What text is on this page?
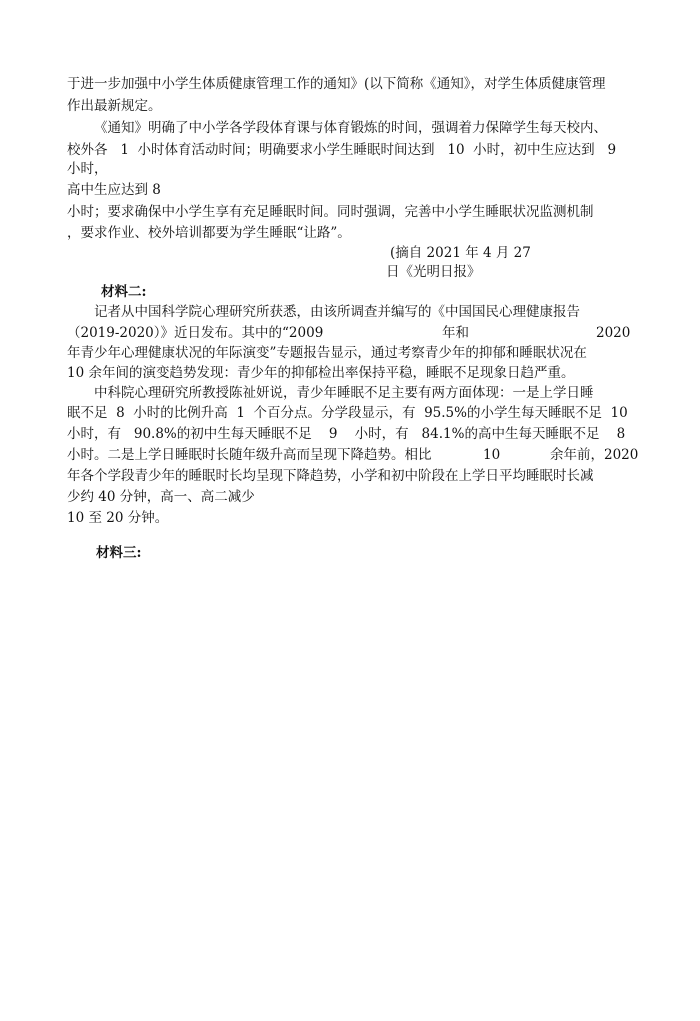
于进一步加强中小学生体质健康管理工作的通知》(以下简称《通知》，对学生体质健康管理
作出最新规定。
《通知》明确了中小学各学段体育课与体育锻炼的时间，强调着力保障学生每天校内、
校外各   1  小时体育活动时间；明确要求小学生睡眠时间达到   10  小时，初中生应达到   9
小时，
高中生应达到 8
小时；要求确保中小学生享有充足睡眠时间。同时强调，完善中小学生睡眠状况监测机制
，要求作业、校外培训都要为学生睡眠“让路”。
(摘自 2021 年 4 月 27
日《光明日报》
材料二:
记者从中国科学院心理研究所获悉，由该所调查并编写的《中国国民心理健康报告
（2019-2020）》近日发布。其中的“2009	年和	2020
年青少年心理健康状况的年际演变”专题报告显示，通过考察青少年的抑郁和睡眠状况在
10 余年间的演变趋势发现：青少年的抑郁检出率保持平稳，睡眠不足现象日趋严重。
中科院心理研究所教授陈祉妍说，青少年睡眠不足主要有两方面体现：一是上学日睡
眠不足  8  小时的比例升高  1  个百分点。分学段显示，有  95.5%的小学生每天睡眠不足  10
小时，有   90.8%的初中生每天睡眠不足    9    小时，有   84.1%的高中生每天睡眠不足    8
小时。二是上学日睡眠时长随年级升高而呈现下降趋势。相比	10	余年前，2020
年各个学段青少年的睡眠时长均呈现下降趋势，小学和初中阶段在上学日平均睡眠时长减
少约 40 分钟，高一、高二减少
10 至 20 分钟。
材料三:
